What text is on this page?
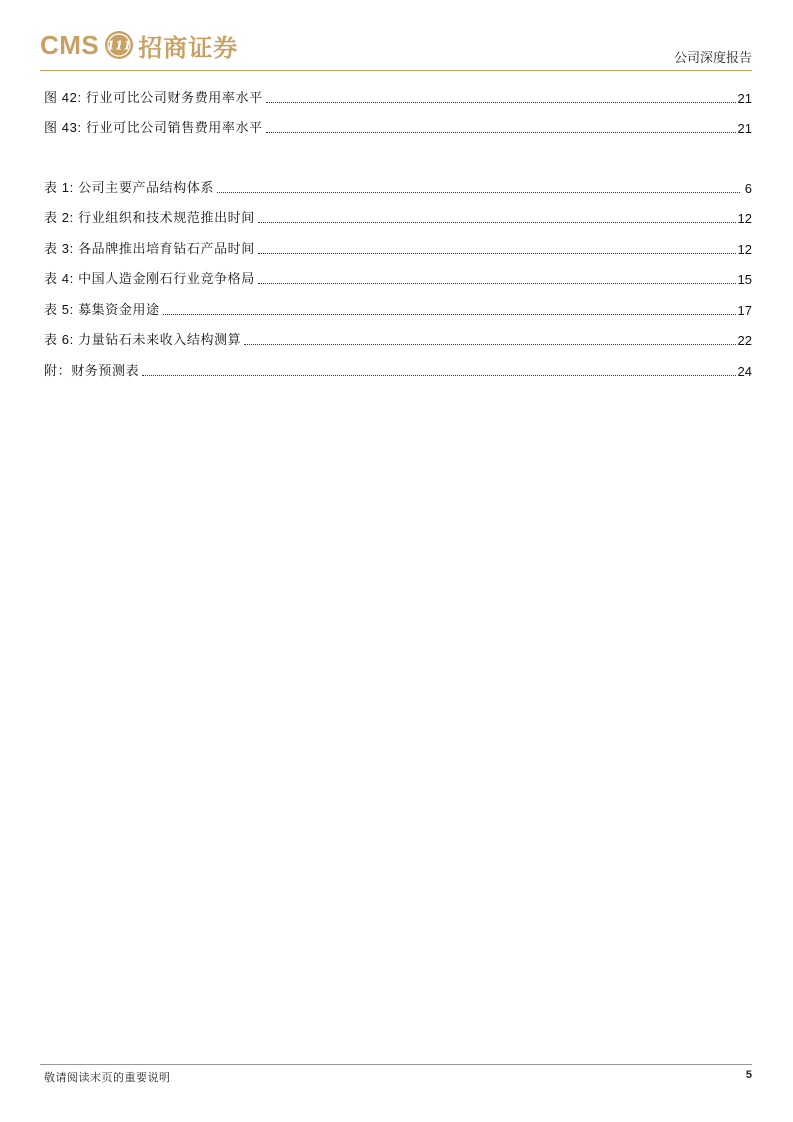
CMS 111 招商证券	公司深度报告
图 42: 行业可比公司财务费用率水平	21
图 43: 行业可比公司销售费用率水平	21
表 1: 公司主要产品结构体系	6
表 2: 行业组织和技术规范推出时间	12
表 3: 各品牌推出培育钻石产品时间	12
表 4: 中国人造金刚石行业竞争格局	15
表 5: 募集资金用途	17
表 6: 力量钻石未来收入结构测算	22
附：财务预测表	24
敬请阅读末页的重要说明	5
